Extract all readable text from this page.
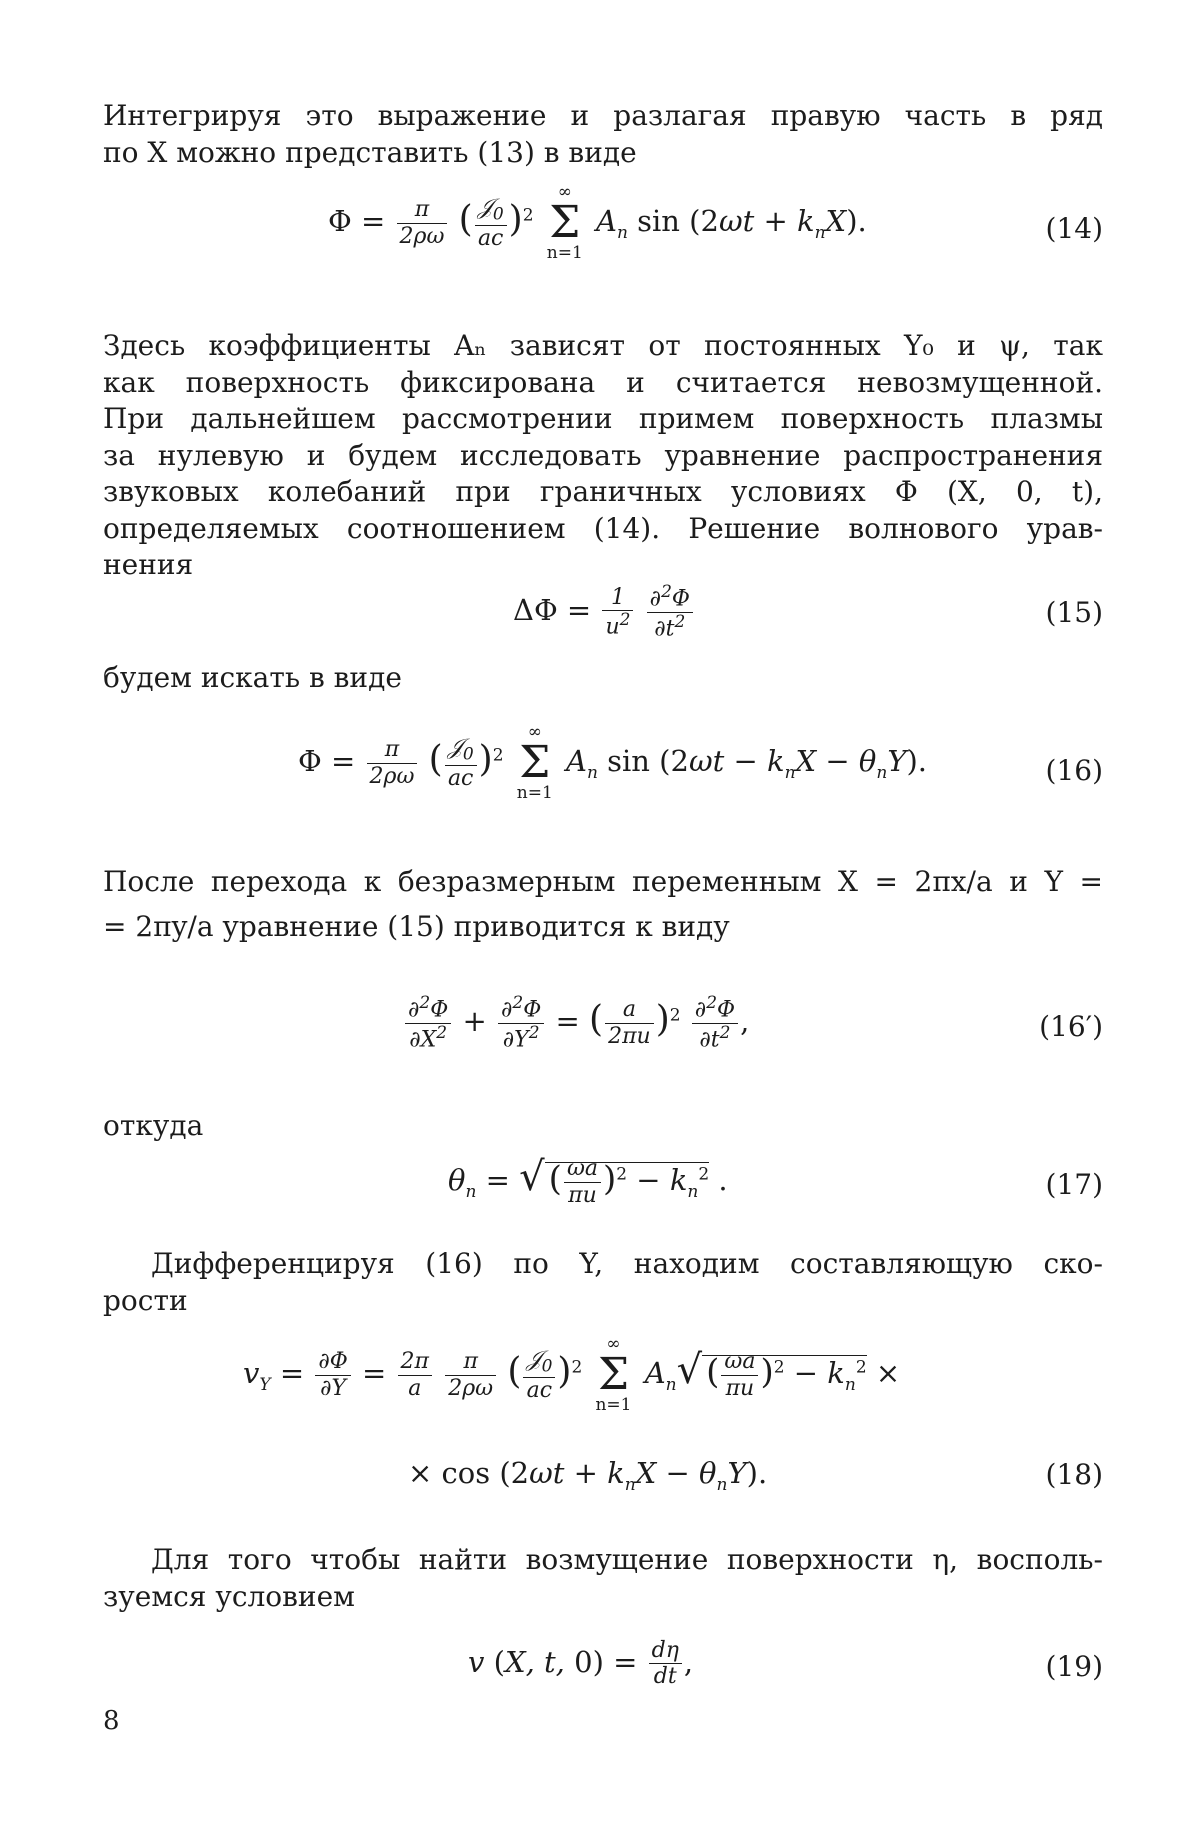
Интегрируя это выражение и разлагая правую часть в ряд
по X можно представить (13) в виде

$\Phi = \frac{\pi}{2\rho\omega}$ ( $\frac{𝒥_0}{ac} )^2$
∞
Σ
n=1
$A_n$ $\sin (2\omega t + k_nX)$.	(14)

Здесь коэффициенты Aₙ зависят от постоянных Y₀ и ψ, так
как поверхность фиксирована и считается невозмущенной.
При дальнейшем рассмотрении примем поверхность плазмы
за нулевую и будем исследовать уравнение распространения
звуковых колебаний при граничных условиях Φ (X, 0, t),
определяемых соотношением (14). Решение волнового урав-
нения

$\Delta\Phi = \frac{1}{u^2}$
$\frac{\partial^2\Phi}{\partial t^2}$	(15)

будем искать в виде

$\Phi = \frac{\pi}{2\rho\omega}$ ( $\frac{𝒥_0}{ac} )^2$
∞
Σ
n=1
$A_n$ $\sin (2\omega t - k_nX - \theta_nY)$.	(16)

После перехода к безразмерным переменным X = 2πx/a и Y =
= 2πy/a уравнение (15) приводится к виду

$\frac{\partial^2\Phi}{\partial X^2} + \frac{\partial^2\Phi}{\partial Y^2}$ = ( $\frac{a}{2\pi u} )^2 \frac{\partial^2\Phi}{\partial t^2}$ ,	(16′)

откуда

$\theta_n$ = √ ( $\frac{\omega a}{\pi u} )^2 - k_n^2$ .	(17)

Дифференцируя (16) по Y, находим составляющую ско-
рости

$v_Y = \frac{\partial\Phi}{\partial Y} = \frac{2\pi}{a}$
$\frac{\pi}{2\rho\omega}$ ( $\frac{𝒥_0}{ac} )^2$
∞
Σ
n=1
$A_n√$ ( $\frac{\omega a}{\pi u} )^2 - k_n^2$ ×
× $\cos (2\omega t + k_nX - \theta_nY)$.	(18)

Для того чтобы найти возмущение поверхности η, восполь-
зуемся условием

v (X, t, $0) = \frac{d\eta}{dt}$ ,	(19)
8
